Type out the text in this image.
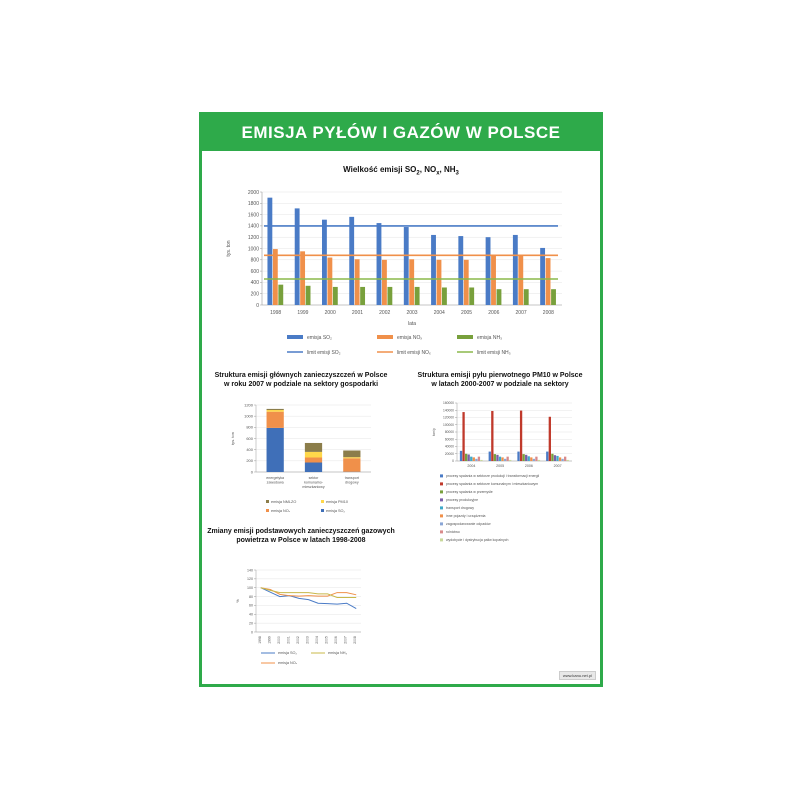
EMISJA PYŁÓW I GAZÓW W POLSCE
Wielkość emisji $SO_2$, $NO_x$, $NH_3$
0
200
400
600
800
1000
1200
1400
1600
1800
2000
tys. ton
1998	1999	2000	2001	2002	2003	2004	2005	2006	2007	2008
lata
emisja SO₂	emisja NOₓ	emisja NH₃
limit emisji SO₂	limit emisji NOₓ	limit emisji NH₃
Struktura emisji głównych zanieczyszczeń w Polsce
w roku 2007 w podziale na sektory gospodarki
0
200
400
600
800
1000
1200
tys. ton
energetyka
zawodowa
sektor
komunalno-
mieszkaniowy
transport
drogowy
emisja NMLZO	emisja PM10
emisja NOₓ	emisja SO₂
Struktura emisji pyłu pierwotnego PM10 w Polsce
w latach 2000-2007 w podziale na sektory
0
20000
40000
60000
80000
100000
120000
140000
160000
ton/y
2004	2005	2006	2007
procesy spalania w sektorze produkcji i transformacji energii
procesy spalania w sektorze komunalnym i mieszkaniowym
procesy spalania w przemyśle
procesy produkcyjne
transport drogowy
inne pojazdy i urządzenia
zagospodarowanie odpadów
rolnictwo
wydobycie i dystrybucja paliw kopalnych
Zmiany emisji podstawowych zanieczyszczeń gazowych
powietrza w Polsce w latach 1998-2008
0
20
40
60
80
100
120
140
%
1998 1999 2000 2001 2002 2003 2004 2005 2006 2007 2008
emisja SO₂	emisja NH₃
emisja NOₓ
www.kanu.net.pl
